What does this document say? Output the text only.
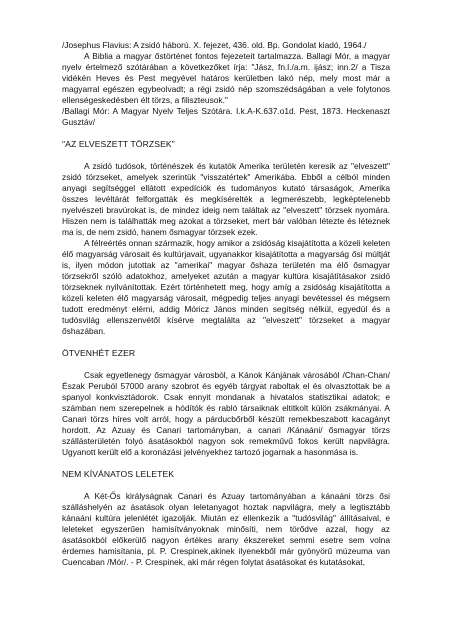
/Josephus Flavius: A zsidó háború. X. fejezet, 436. old. Bp. Gondolat kiadó, 1964./

A Biblia a magyar őstörténet fontos fejezeteit tartalmazza. Ballagi Mór, a magyar nyelv értelmező szótárában a következőket írja: "Jász, fn.l./a.m. ijász; inn.2/ a Tisza vidékén Heves és Pest megyével határos kerületben lakó nép, mely most már a magyarral egészen egybeolvadt; a régi zsidó nép szomszédságában a vele folytonos ellenségeskedésben élt törzs, a filiszteusok."

/Ballagi Mór: A Magyar Nyelv Teljes Szótára. I.k.A-K.637.o1d. Pest, 1873. Heckenaszt Gusztáv/

"AZ ELVESZETT TÖRZSEK"

A zsidó tudósok, történészek és kutatók Amerika területén keresik az "elveszett" zsidó törzseket, amelyek szerintük "visszatértek" Amerikába. Ebből a célból minden anyagi segítséggel ellátott expedíciók és tudományos kutató társaságok, Amerika összes levéltárát felforgatták és megkísérelték a legmerészebb, legképtelenebb nyelvészeti bravúrokat is, de mindez ideig nem találtak az "elveszett" törzsek nyomára. Hiszen nem is találhatták meg azokat a törzseket, mert bár valóban létezte és léteznek ma is, de nem zsidó, hanem ősmagyar törzsek ezek.

A félreértés onnan származik, hogy amikor a zsidóság kisajátította a közeli keleten élő magyarság városait és kultúrjavait, ugyanakkor kisajátította a magyarság ősi múltját is, ilyen módon jutottak az "amerikai" magyar őshaza területén ma élő ősmagyar törzsekről szóló adatokhoz, amelyeket azután a magyar kultúra kisajátításakor zsidó törzseknek nyilvánítottak. Ezért történhetett meg, hogy amíg a zsidóság kisajátította a közeli keleten élő magyarság városait, mégpedig teljes anyagi bevétessel és mégsem tudott eredményt elérni, addig Móricz János minden segítség nélkül, egyedül és a tudósvilág ellenszenvétől kísérve megtalálta az "elveszett" törzseket a magyar őshazában.

ÖTVENHÉT EZER

Csak egyetlenegy ősmagyar városból, a Kánok Kánjának városából /Chan-Chan/ Észak Peruból 57000 arany szobrot és egyéb tárgyat raboltak el és olvasztottak be a spanyol konkvisztádorok. Csak ennyit mondanak a hivatalos statisztikai adatok; e számban nem szerepelnek a hódítók és rabló társaiknak eltitkolt külön zsákmányai. A Canari törzs híres volt arról, hogy a párducbőrből készült remekbeszabott kacagányt hordott. Az Azuay és Canari tartományban, a canari /Kánaáni/ ősmagyar törzs szállásterületén folyó ásatásokból nagyon sok remekművű fokos került napvilágra. Ugyanott került elő a koronázási jelvényekhez tartozó jogarnak a hasonmása is.

NEM KÍVÁNATOS LELETEK

A Két-Ős királyságnak Canari és Azuay tartományában a kánaáni törzs ősi szálláshelyén az ásatások olyan leletanyagot hoztak napvilágra, mely a legtisztább kánaáni kultúra jelenlétét igazolják. Miután ez ellenkezik a "tudósvilág" állításaival, e leleteket egyszerűen hamisítványoknak minősíti, nem törődve azzal, hogy az ásatásokból előkerülő nagyon értékes arany ékszereket semmi esetre sem volna érdemes hamisítania, pl. P. Crespinek,akinek ilyenekből már gyönyörű múzeuma van Cuencaban /Mór/. - P. Crespinek, aki már régen folytat ásatásokat és kutatásokat,
